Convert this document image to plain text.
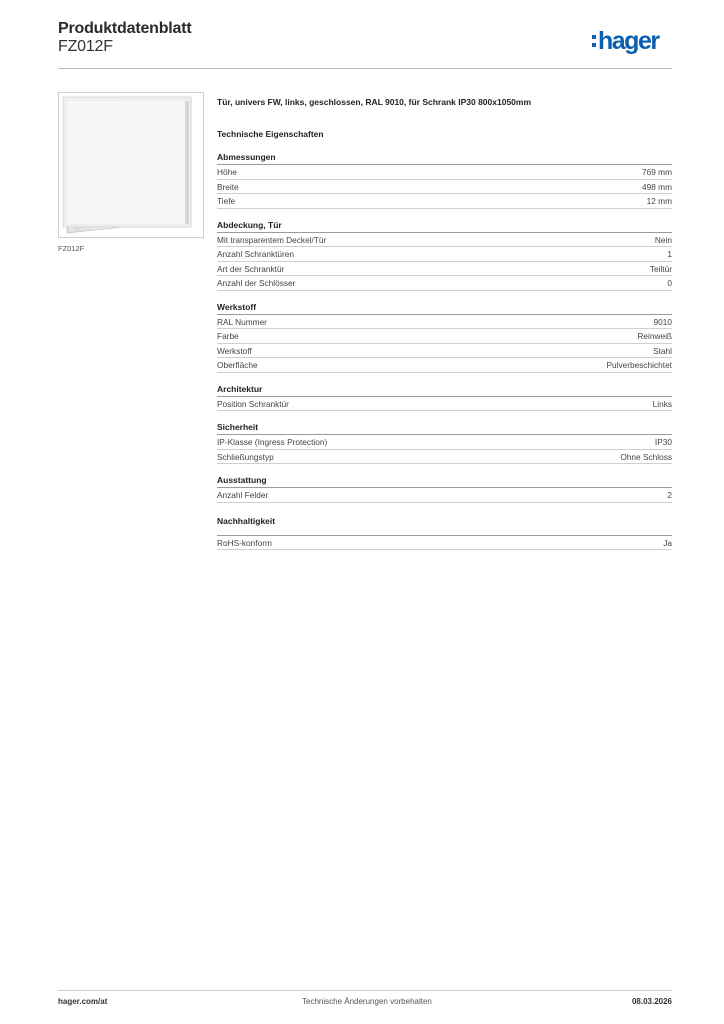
Produktdatenblatt
FZ012F	hager
FZ012F
Tür, univers FW, links, geschlossen, RAL 9010, für Schrank IP30 800x1050mm
Technische Eigenschaften
Abmessungen
Höhe	769 mm
Breite	498 mm
Tiefe	12 mm
Abdeckung, Tür
Mit transparentem Deckel/Tür	Nein
Anzahl Schranktüren	1
Art der Schranktür	Teiltür
Anzahl der Schlösser	0
Werkstoff
RAL Nummer	9010
Farbe	Reinweiß
Werkstoff	Stahl
Oberfläche	Pulverbeschichtet
Architektur
Position Schranktür	Links
Sicherheit
IP-Klasse (Ingress Protection)	IP30
Schließungstyp	Ohne Schloss
Ausstattung
Anzahl Felder	2
Nachhaltigkeit
RoHS-konform	Ja
hager.com/at	Technische Änderungen vorbehalten	08.03.2026
